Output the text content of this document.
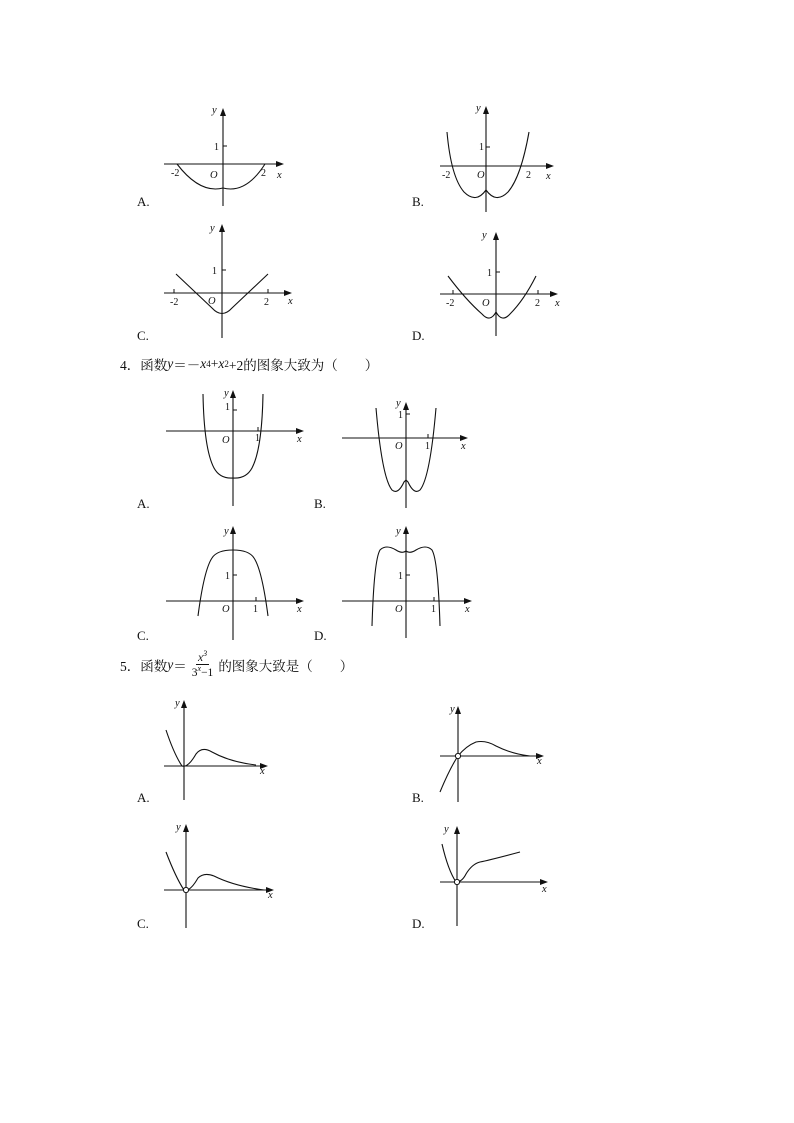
y
1
O
-2	2 x
A.
y
1
O
-2	2 x
B.
y
1
O
-2	2 x
C.
y
1
O
-2	2 x
D.
4． 函数 y ＝－ x 4 + x 2 +2的图象大致为（　　）
y
1
O	1	x
A.
y
1
O 1	x
B.
y
1
O 1	x
C.
y
1
O	1	x
D.
5． 函数 $y = \frac{x^3}{3^x-1}$ 的图象大致是（　　）
y
x
A.
y
x
B.
y
x
C.
y
x
D.
